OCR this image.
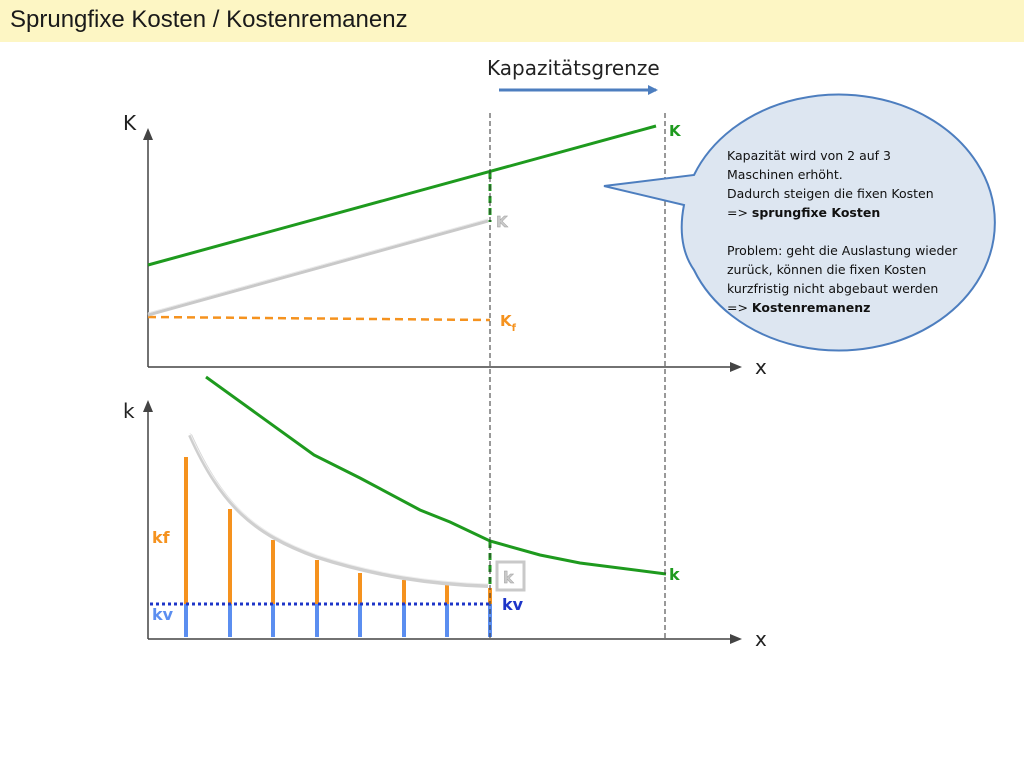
Sprungfixe Kosten / Kostenremanenz
Kapazitätsgrenze
K
x
$K_f$
K
K
k
x
kf
kv
kv
k	k

Kapazität wird von 2 auf 3

Maschinen erhöht.

Dadurch steigen die fixen Kosten

=> sprungfixe Kosten

Problem: geht die Auslastung wieder

zurück, können die fixen Kosten

kurzfristig nicht abgebaut werden

=> Kostenremanenz
